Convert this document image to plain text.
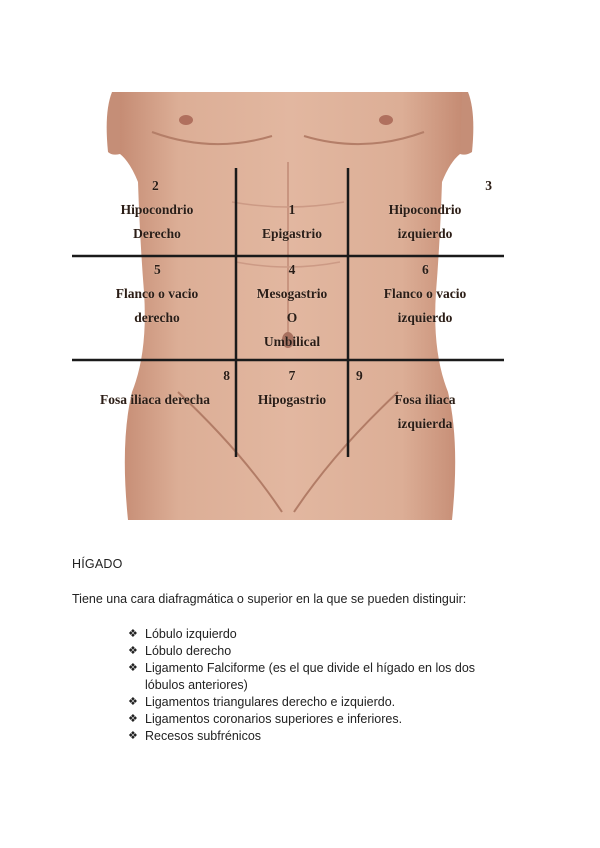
2
Hipocondrio
Derecho
1
Epigastrio
3
Hipocondrio
izquierdo
5
Flanco o vacio
derecho
4
Mesogastrio
O
Umbilical
6
Flanco o vacio
izquierdo
8
Fosa iliaca derecha
7
Hipogastrio
9
Fosa iliaca
izquierda
HÍGADO
Tiene una cara diafragmática o superior en la que se pueden distinguir:
❖ Lóbulo izquierdo
❖ Lóbulo derecho
❖ Ligamento Falciforme (es el que divide el hígado en los dos
lóbulos anteriores)
❖ Ligamentos triangulares derecho e izquierdo.
❖ Ligamentos coronarios superiores e inferiores.
❖ Recesos subfrénicos
